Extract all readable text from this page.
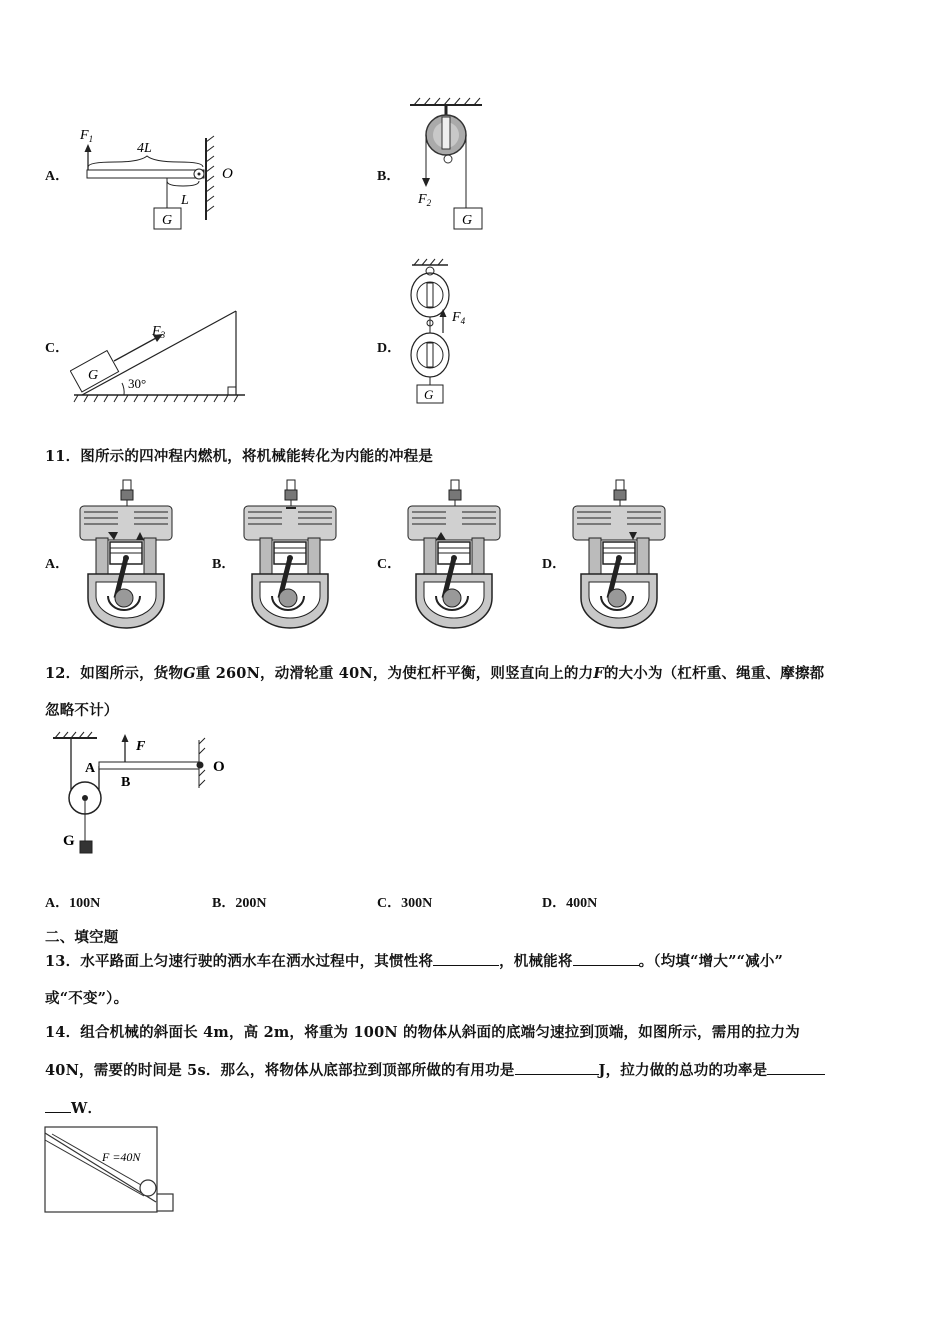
A．
$F_1$
4L
L
O
G
B．
$F_2$
G
C．
G
$F_3$
30°
D．
$F_4$
G
11．图所示的四冲程内燃机，将机械能转化为内能的冲程是
A．	B．	C．	D．
12．如图所示，货物G重 260N，动滑轮重 40N，为使杠杆平衡，则竖直向上的力F的大小为（杠杆重、绳重、摩擦都
忽略不计）
F
A
B
O
G
A．100N	B．200N	C．300N	D．400N
二、填空题
13．水平路面上匀速行驶的洒水车在洒水过程中，其惯性将	，机械能将	。（均填“增大”“减小”
或“不变”）。
14．组合机械的斜面长 4m，高 2m，将重为 100N 的物体从斜面的底端匀速拉到顶端，如图所示，需用的拉力为
40N，需要的时间是 5s．那么，将物体从底部拉到顶部所做的有用功是	J，拉力做的总功的功率是
W．
F =40N
